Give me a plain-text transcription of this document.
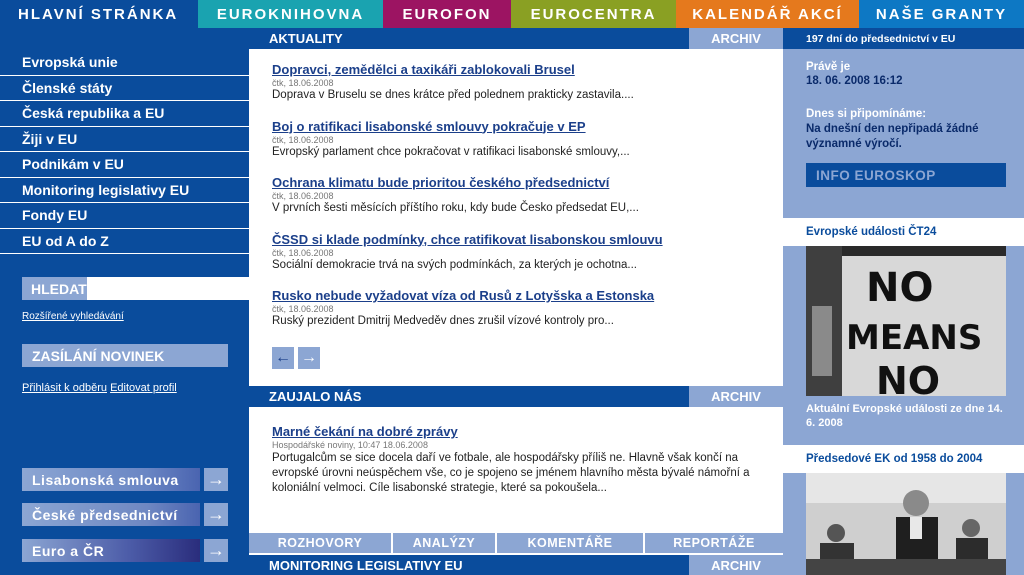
HLAVNÍ STRÁNKA	EUROKNIHOVNA	EUROFON	EUROCENTRA	KALENDÁŘ AKCÍ	NAŠE GRANTY
Evropská unie
Členské státy
Česká republika a EU
Žiji v EU
Podnikám v EU
Monitoring legislativy EU
Fondy EU
EU od A do Z
HLEDAT
Rozšířené vyhledávání
ZASÍLÁNÍ NOVINEK
Přihlásit k odběru Editovat profil
Lisabonská smlouva	→
České předsednictví	→
Euro a ČR	→
AKTUALITY	ARCHIV
Dopravci, zemědělci a taxikáři zablokovali Brusel
čtk, 18.06.2008
Doprava v Bruselu se dnes krátce před polednem prakticky zastavila....
Boj o ratifikaci lisabonské smlouvy pokračuje v EP
čtk, 18.06.2008
Evropský parlament chce pokračovat v ratifikaci lisabonské smlouvy,...
Ochrana klimatu bude prioritou českého předsednictví
čtk, 18.06.2008
V prvních šesti měsících příštího roku, kdy bude Česko předsedat EU,...
ČSSD si klade podmínky, chce ratifikovat lisabonskou smlouvu
čtk, 18.06.2008
Sociální demokracie trvá na svých podmínkách, za kterých je ochotna...
Rusko nebude vyžadovat víza od Rusů z Lotyšska a Estonska
čtk, 18.06.2008
Ruský prezident Dmitrij Medveděv dnes zrušil vízové kontroly pro...
← →
ZAUJALO NÁS	ARCHIV
Marné čekání na dobré zprávy
Hospodářské noviny, 10:47 18.06.2008
Portugalcům se sice docela daří ve fotbale, ale hospodářsky příliš ne. Hlavně však končí na evropské úrovni neúspěchem vše, co je spojeno se jménem hlavního města bývalé námořní a koloniální velmoci. Cíle lisabonské strategie, které sa pokoušela...
ROZHOVORY	ANALÝZY	KOMENTÁŘE	REPORTÁŽE
MONITORING LEGISLATIVY EU	ARCHIV
197 dní do předsednictví v EU
Právě je
18. 06. 2008 16:12
Dnes si připomínáme:
Na dnešní den nepřipadá žádné významné výročí.
INFO EUROSKOP
Evropské události ČT24
NO
MEANS
NO
Aktuální Evropské události ze dne 14. 6. 2008
Předsedové EK od 1958 do 2004
